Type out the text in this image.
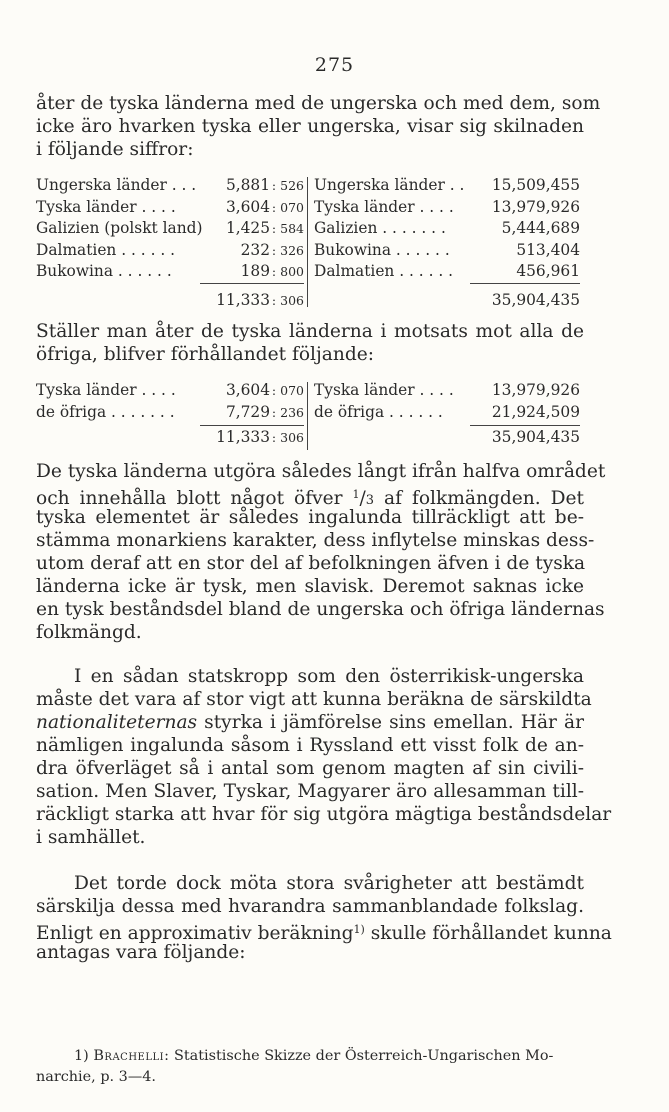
275
åter de tyska länderna med de ungerska och med dem, som
icke äro hvarken tyska eller ungerska, visar sig skilnaden
i följande siffror:
Ungerska länder . . .	5,881 : 526
Tyska länder . . . .	3,604 : 070
Galizien (polskt land)	1,425 : 584
Dalmatien . . . . . .	232 : 326
Bukowina . . . . . .	189 : 800
11,333 : 306
Ungerska länder . .	15,509,455
Tyska länder . . . .	13,979,926
Galizien . . . . . . .	5,444,689
Bukowina . . . . . .	513,404
Dalmatien . . . . . .	456,961
35,904,435
Ställer man åter de tyska länderna i motsats mot alla de
öfriga, blifver förhållandet följande:
Tyska länder . . . .	3,604 : 070
de öfriga . . . . . . .	7,729 : 236
11,333 : 306
Tyska länder . . . .	13,979,926
de öfriga . . . . . .	21,924,509
35,904,435
De tyska länderna utgöra således långt ifrån halfva området
och innehålla blott något öfver $^1$/3 af folkmängden. Det
tyska elementet är således ingalunda tillräckligt att be-
stämma monarkiens karakter, dess inflytelse minskas dess-
utom deraf att en stor del af befolkningen äfven i de tyska
länderna icke är tysk, men slavisk. Deremot saknas icke
en tysk beståndsdel bland de ungerska och öfriga ländernas
folkmängd.
I en sådan statskropp som den österrikisk-ungerska
måste det vara af stor vigt att kunna beräkna de särskildta
nationaliteternas styrka i jämförelse sins emellan. Här är
nämligen ingalunda såsom i Ryssland ett visst folk de an-
dra öfverläget så i antal som genom magten af sin civili-
sation. Men Slaver, Tyskar, Magyarer äro allesamman till-
räckligt starka att hvar för sig utgöra mägtiga beståndsdelar
i samhället.
Det torde dock möta stora svårigheter att bestämdt
särskilja dessa med hvarandra sammanblandade folkslag.
Enligt en approximativ beräkning$^{1)}$ skulle förhållandet kunna
antagas vara följande:
1) Brachelli: Statistische Skizze der Österreich-Ungarischen Mo-
narchie, p. 3—4.
